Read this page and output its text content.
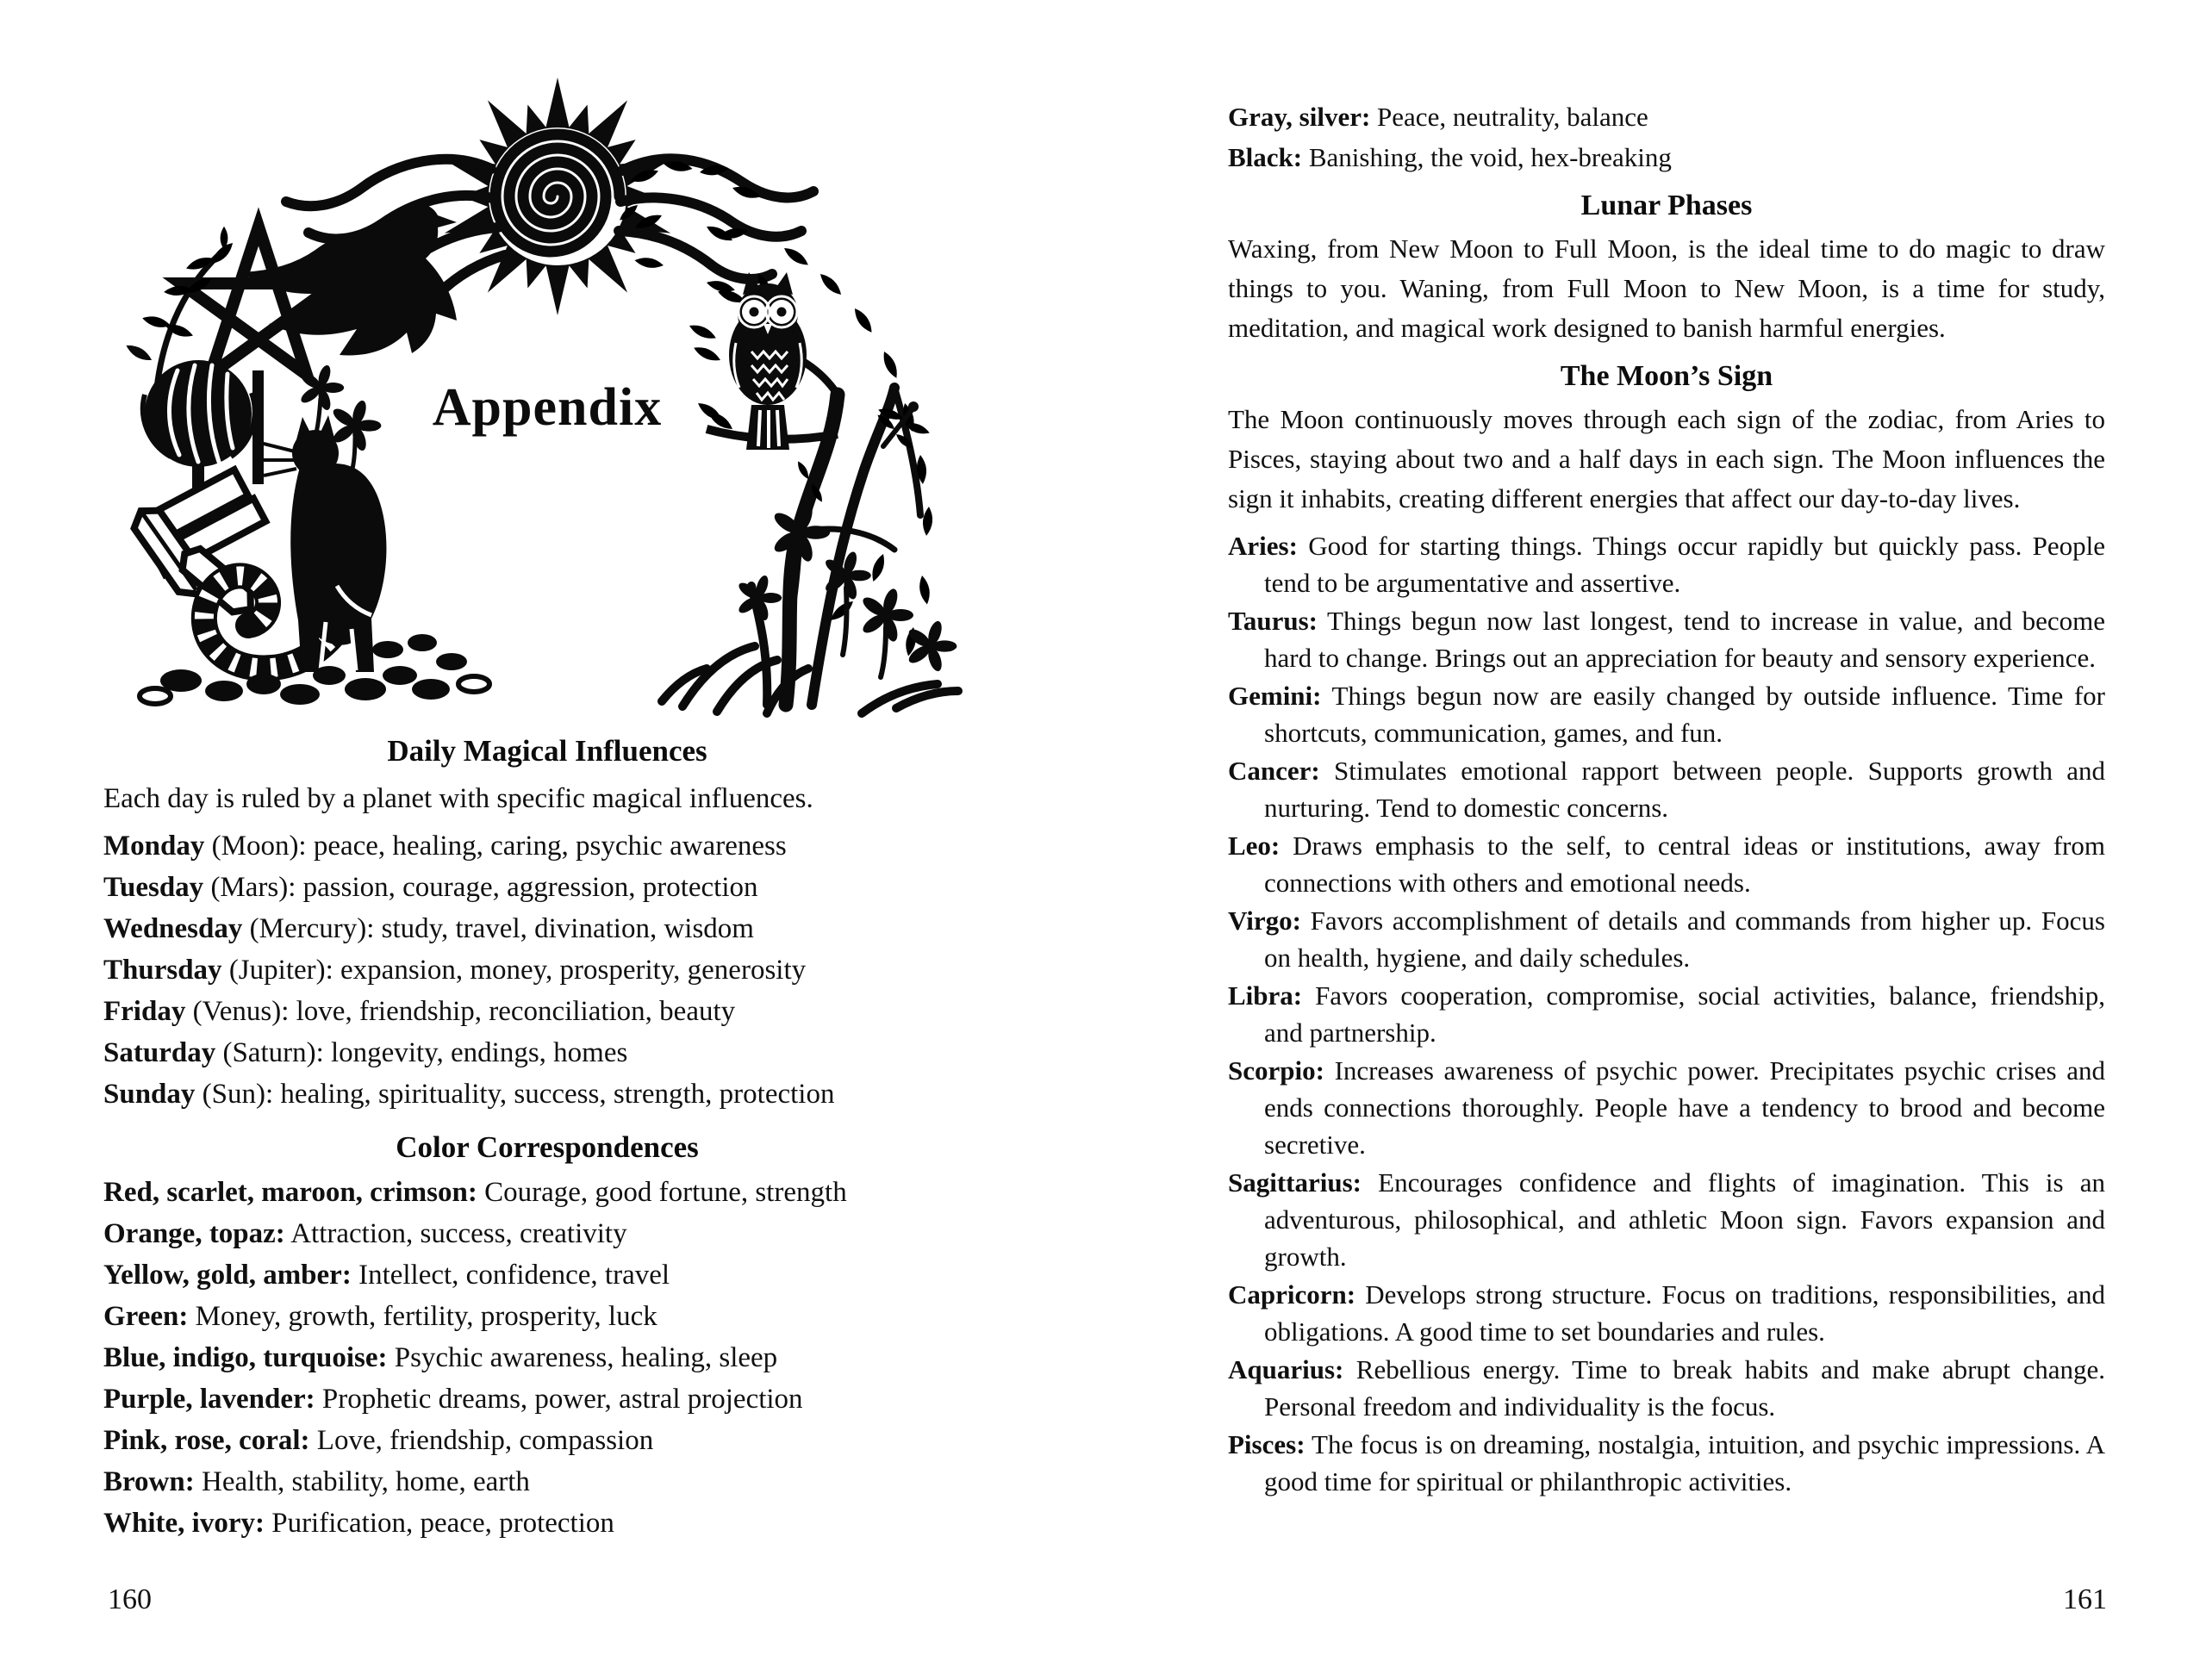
Appendix
Daily Magical Influences
Each day is ruled by a planet with specific magical influences.
Monday (Moon): peace, healing, caring, psychic awareness
Tuesday (Mars): passion, courage, aggression, protection
Wednesday (Mercury): study, travel, divination, wisdom
Thursday (Jupiter): expansion, money, prosperity, generosity
Friday (Venus): love, friendship, reconciliation, beauty
Saturday (Saturn): longevity, endings, homes
Sunday (Sun): healing, spirituality, success, strength, protection
Color Correspondences
Red, scarlet, maroon, crimson: Courage, good fortune, strength
Orange, topaz: Attraction, success, creativity
Yellow, gold, amber: Intellect, confidence, travel
Green: Money, growth, fertility, prosperity, luck
Blue, indigo, turquoise: Psychic awareness, healing, sleep
Purple, lavender: Prophetic dreams, power, astral projection
Pink, rose, coral: Love, friendship, compassion
Brown: Health, stability, home, earth
White, ivory: Purification, peace, protection
160
Gray, silver: Peace, neutrality, balance
Black: Banishing, the void, hex-breaking
Lunar Phases
Waxing, from New Moon to Full Moon, is the ideal time to do magic to draw things to you. Waning, from Full Moon to New Moon, is a time for study, meditation, and magical work designed to banish harmful energies.
The Moon’s Sign
The Moon continuously moves through each sign of the zodiac, from Aries to Pisces, staying about two and a half days in each sign. The Moon influences the sign it inhabits, creating different energies that affect our day-to-day lives.

Aries: Good for starting things. Things occur rapidly but quickly pass. People tend to be argumentative and assertive.

Taurus: Things begun now last longest, tend to increase in value, and become hard to change. Brings out an appreciation for beauty and sensory experience.

Gemini: Things begun now are easily changed by outside influence. Time for shortcuts, communication, games, and fun.

Cancer: Stimulates emotional rapport between people. Supports growth and nurturing. Tend to domestic concerns.

Leo: Draws emphasis to the self, to central ideas or institutions, away from connections with others and emotional needs.

Virgo: Favors accomplishment of details and commands from higher up. Focus on health, hygiene, and daily schedules.

Libra: Favors cooperation, compromise, social activities, balance, friendship, and partnership.

Scorpio: Increases awareness of psychic power. Precipitates psychic crises and ends connections thoroughly. People have a tendency to brood and become secretive.

Sagittarius: Encourages confidence and flights of imagination. This is an adventurous, philosophical, and athletic Moon sign. Favors expansion and growth.

Capricorn: Develops strong structure. Focus on traditions, responsibilities, and obligations. A good time to set boundaries and rules.

Aquarius: Rebellious energy. Time to break habits and make abrupt change. Personal freedom and individuality is the focus.

Pisces: The focus is on dreaming, nostalgia, intuition, and psychic impressions. A good time for spiritual or philanthropic activities.

161
